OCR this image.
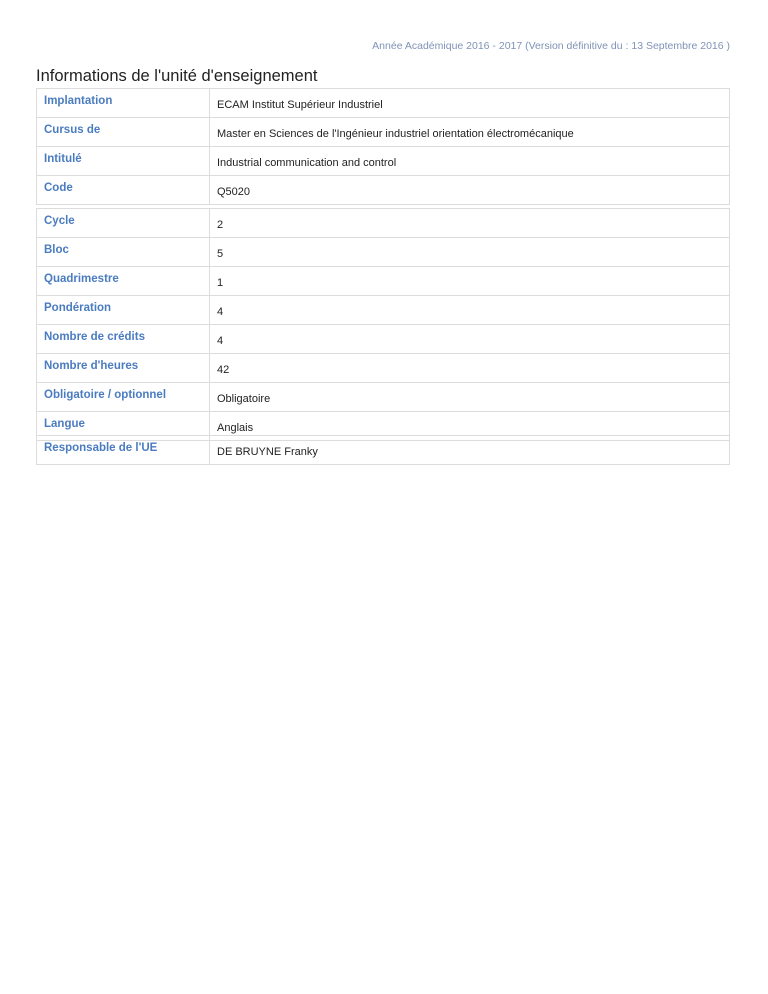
Année Académique 2016 - 2017 (Version définitive du : 13 Septembre 2016 )
Informations de l'unité d'enseignement
Implantation	ECAM Institut Supérieur Industriel
Cursus de	Master en Sciences de l'Ingénieur industriel orientation électromécanique
Intitulé	Industrial communication and control
Code	Q5020
Cycle	2
Bloc	5
Quadrimestre	1
Pondération	4
Nombre de crédits	4
Nombre d'heures	42
Obligatoire / optionnel	Obligatoire
Langue	Anglais
Responsable de l'UE	DE BRUYNE Franky
